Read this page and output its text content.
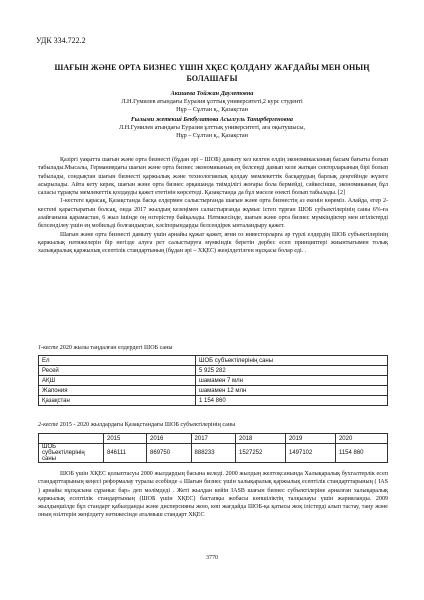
УДК 334.722.2
ШАҒЫН ЖӘНЕ ОРТА БИЗНЕС ҮШІН ХҚЕС ҚОЛДАНУ ЖАҒДАЙЫ МЕН ОНЫҢ БОЛАШАҒЫ
Акишева Тойжан Даулетовна
Л.Н.Гумилев атындағы Еуразия ұлттық университеті,2 курс студенті
Нұр – Сұлтан қ., Қазақстан
Ғылыми жетекші Бекбулатова Асылгуль Танирбергеновна
Л.Н.Гумилев атындағы Еуразия ұлттық университеті, аға оқытушысы,
Нұр – Сұлтан қ., Қазақстан

Қазіргі уақытта шағын және орта бизнесті (бұдан әрі – ШОБ) дамыту кез келген елдің экономикасының басым бағыты болып табылады.Мысалы, Германиядағы шағын және орта бизнес экономиканың ең белсенді дамып келе жатқан секторларының бірі болып табылады, сондықтан шағын бизнесті қаржылық және технологиялық қолдау мемлекеттік басқарудың барлық деңгейінде жүзеге асырылады. Айта кету керек, шағын және орта бизнес әрқашанда тиімділігі жоғары бола бермейді, сәйкесінше, экономиканың бұл саласы тұрақты мемлекеттік қолдауды қажет ететінін көрсетеді. Қазақстанда да бұл мәселе өзекті болып табылады. [2]

1-кестеге қарасақ, Қазақстанда басқа елдермен салыстырғанда шағын және орта бизнестің аз екенін көреміз. Алайда, егер 2-кестені қарастыратын болсақ, онда 2017 жылдың кезеңімен салыстырғанда жұмыс істеп тұрған ШОБ субъектілерінің саны 6%-ға азайғанына қарамастан, 6 жыл ішінде оң өзгерістер байқалады. Нәтижесінде, шағын және орта бизнес мүмкіндіктер мен игіліктерді белсенділеу үшін ең мобильді болғандықтан, кәсіпорындарды белсендірек ынталандыру қажет.

Шағын және орта бизнесті дамыту үшін арнайы құжат қажет, яғни оз инвесторларға әр түрлі елдердің ШОБ субъектілерінің қаржылық нәтижелерін бір негізде алуға рет салыстыруға мүмкіндік беретін дербес есеп принциптері жиынтығымен толық халықаралық қаржылық есептілік стандартының (бұдан әрі – ХҚЕС) жеңілдетілген нұсқасы болар еді. .

1-кесте 2020 жылы таңдалған елдердегі ШОБ саны
Ел	ШОБ субъектілерінің саны
Ресей	5 925 282
АҚШ	шамамен 7 млн
Жапония	шамамен 12 млн
Қазақстан	1 154 860
2-кесте 2015 - 2020 жылдардағы Қазақстандағы ШОБ субъектілерінің саны
	2015	2016	2017	2018	2019	2020
ШОБ субъектілерінің саны	846111	869750	888233	1527252	1497102	1154 860

ШОБ үшін ХҚЕС қолыптасуы 2000 жылдардың басына келеді. 2000 жылдың желтоқсанында Халықаралық бухгалтерлік есеп стандарттарының кеңесі реформалау туралы есебінде « Шағын бизнес үшін халықаралық қаржылық есептілік стандарттарының ( IAS ) арнайы нұсқасына сұраныс бар» деп мәлімдеді . Жеті жылдан кейін IASB шағын бизнес субъектілеріне арналған халықаралық қаржылық есептілік стандартының (ШОБ үшін ХҚЕС) бастапқы жобасы көпшіліктің талқылауы үшін жарияланды. 2009 жылдыңшілдe бұл стандарт қабылданды және дисперсияны жою, көп жағдайда ШОБ-қа қатысы жоқ ілістерді алып тастау, таңу және оның өзілтерін жеңілдету нәтижесінде аталмыш стандарт ХҚЕС

3770
